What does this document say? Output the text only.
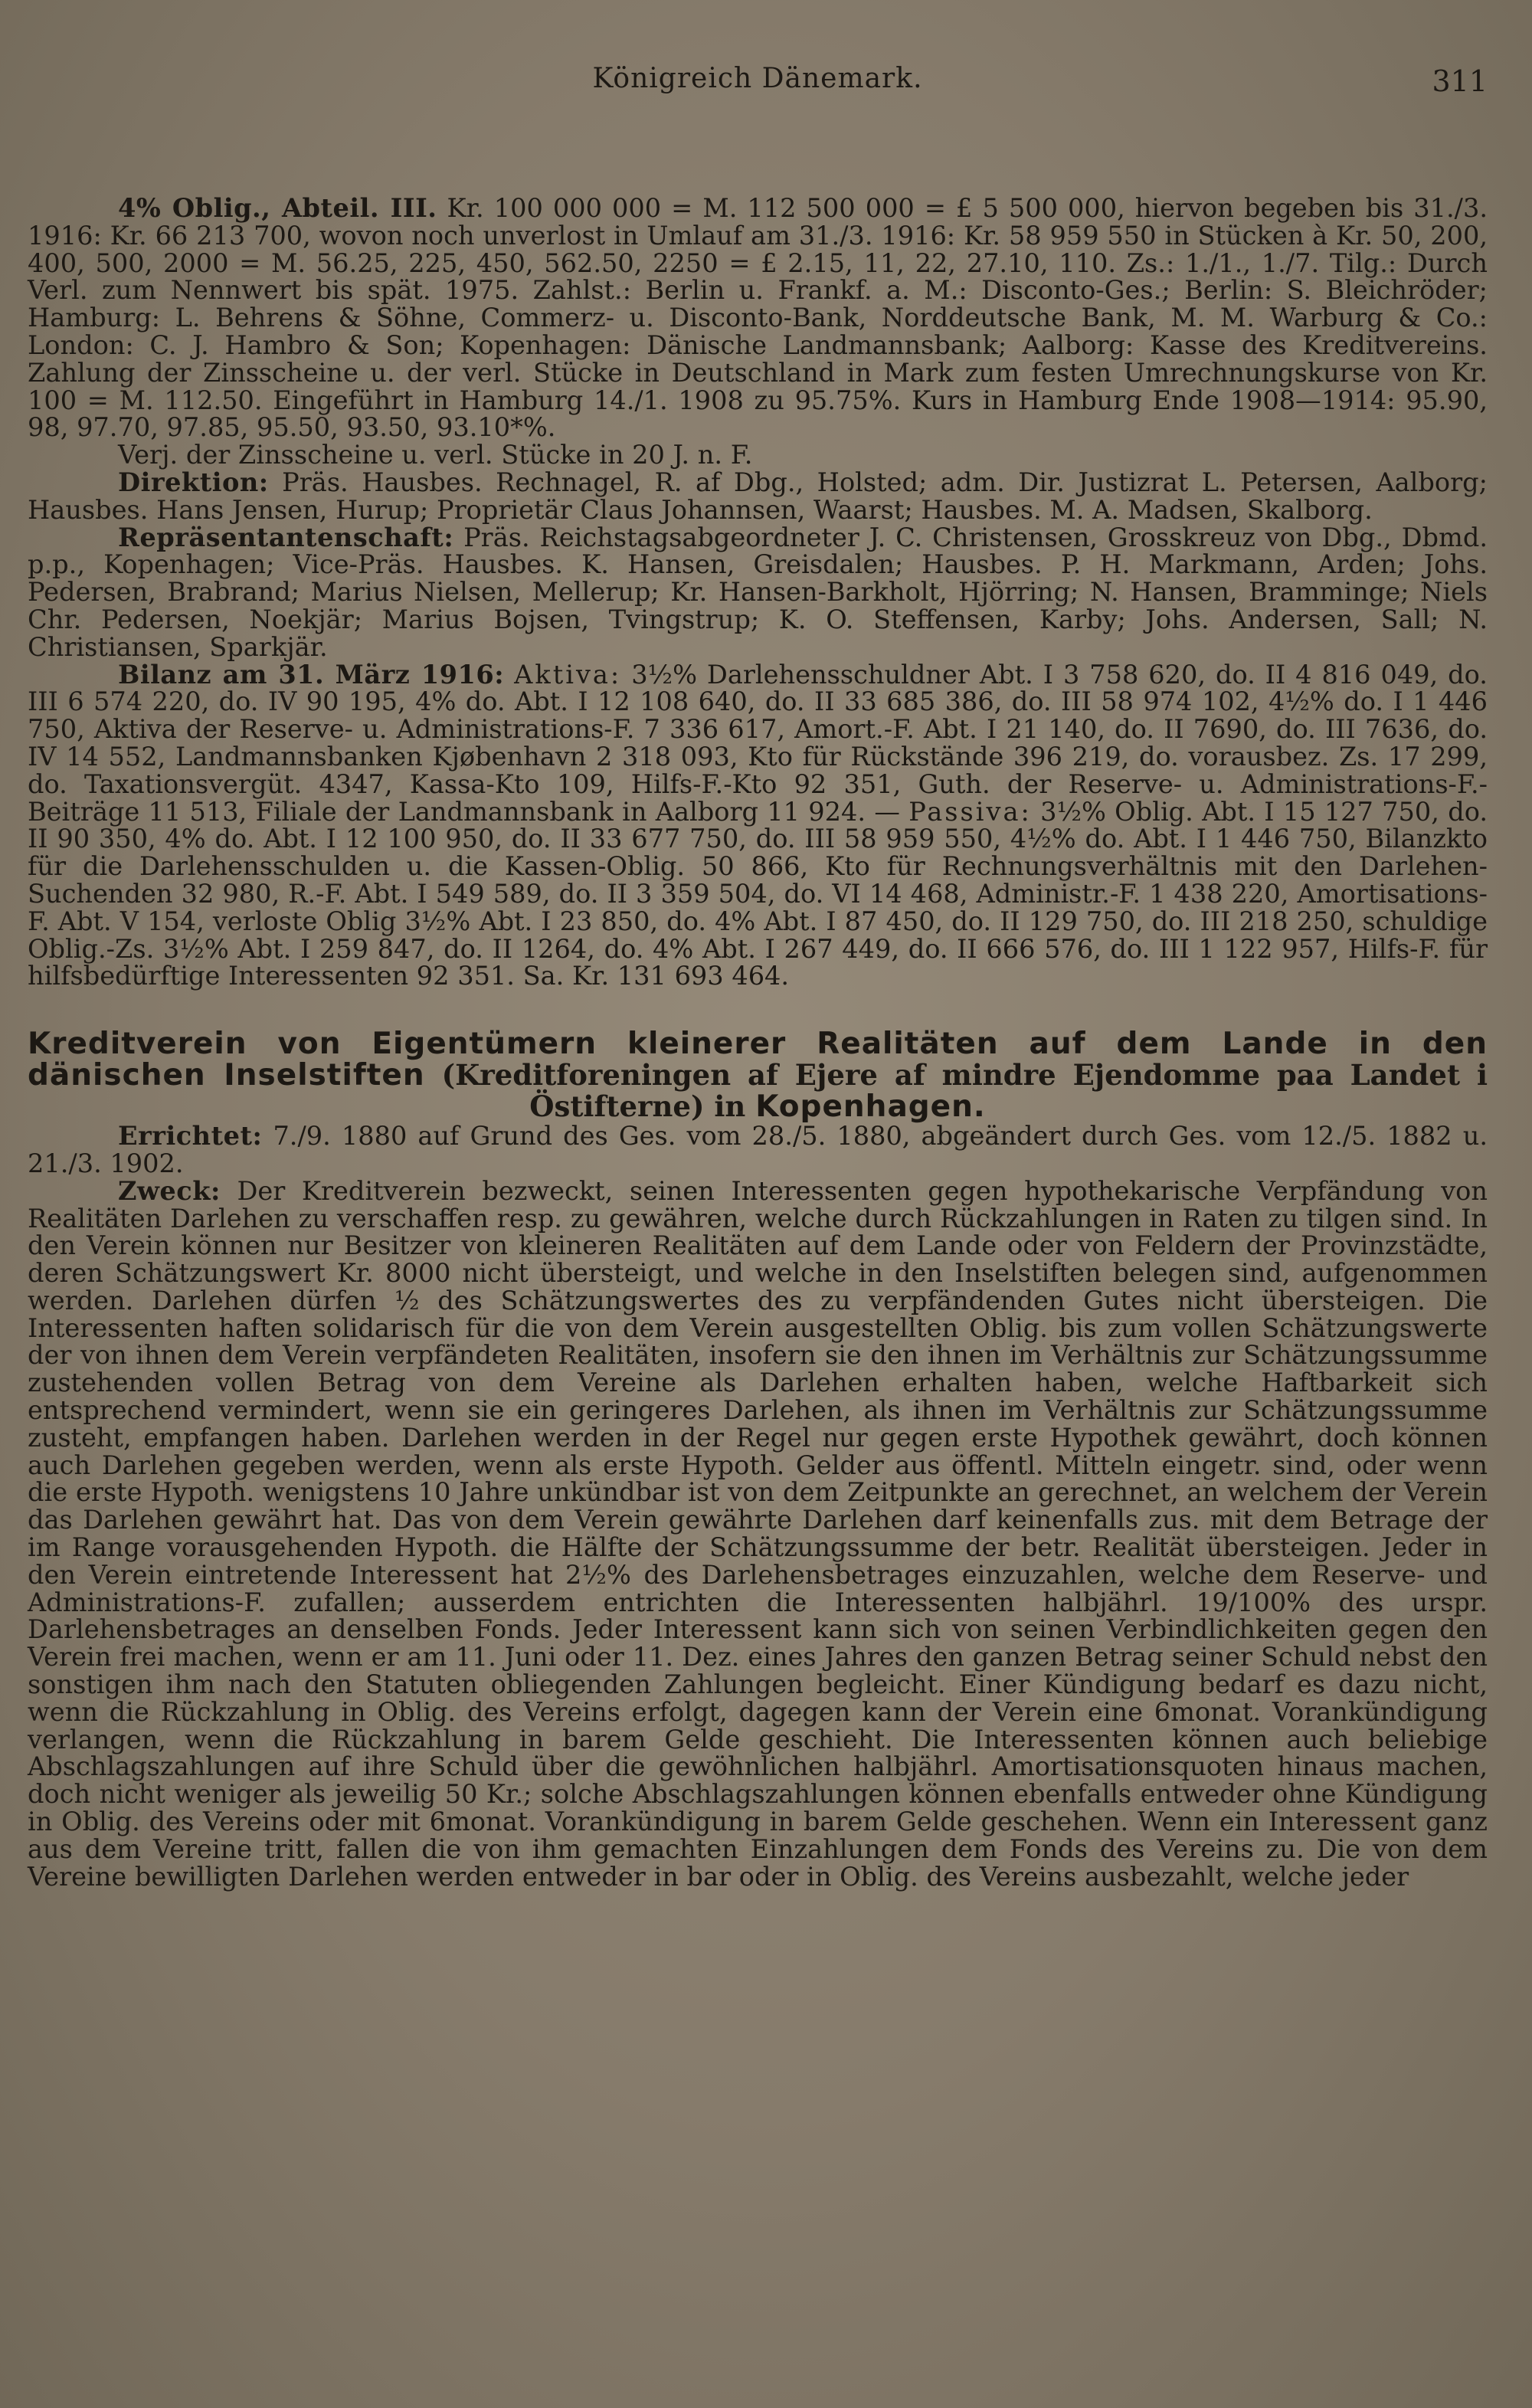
Königreich Dänemark.	311

4% Oblig., Abteil. III. Kr. 100 000 000 = M. 112 500 000 = £ 5 500 000, hiervon begeben bis 31./3. 1916: Kr. 66 213 700, wovon noch unverlost in Umlauf am 31./3. 1916: Kr. 58 959 550 in Stücken à Kr. 50, 200, 400, 500, 2000 = M. 56.25, 225, 450, 562.50, 2250 = £ 2.15, 11, 22, 27.10, 110. Zs.: 1./1., 1./7. Tilg.: Durch Verl. zum Nennwert bis spät. 1975. Zahlst.: Berlin u. Frankf. a. M.: Disconto-Ges.; Berlin: S. Bleichröder; Hamburg: L. Behrens & Söhne, Commerz- u. Disconto-Bank, Norddeutsche Bank, M. M. Warburg & Co.: London: C. J. Hambro & Son; Kopenhagen: Dänische Landmannsbank; Aalborg: Kasse des Kreditvereins. Zahlung der Zinsscheine u. der verl. Stücke in Deutschland in Mark zum festen Umrechnungskurse von Kr. 100 = M. 112.50. Eingeführt in Hamburg 14./1. 1908 zu 95.75%. Kurs in Hamburg Ende 1908—1914: 95.90, 98, 97.70, 97.85, 95.50, 93.50, 93.10*%.

Verj. der Zinsscheine u. verl. Stücke in 20 J. n. F.

Direktion: Präs. Hausbes. Rechnagel, R. af Dbg., Holsted; adm. Dir. Justizrat L. Petersen, Aalborg; Hausbes. Hans Jensen, Hurup; Proprietär Claus Johannsen, Waarst; Hausbes. M. A. Madsen, Skalborg.

Repräsentantenschaft: Präs. Reichstagsabgeordneter J. C. Christensen, Grosskreuz von Dbg., Dbmd. p.p., Kopenhagen; Vice-Präs. Hausbes. K. Hansen, Greisdalen; Hausbes. P. H. Markmann, Arden; Johs. Pedersen, Brabrand; Marius Nielsen, Mellerup; Kr. Hansen-Barkholt, Hjörring; N. Hansen, Bramminge; Niels Chr. Pedersen, Noekjär; Marius Bojsen, Tvingstrup; K. O. Steffensen, Karby; Johs. Andersen, Sall; N. Christiansen, Sparkjär.

Bilanz am 31. März 1916: Aktiva: 3½% Darlehensschuldner Abt. I 3 758 620, do. II 4 816 049, do. III 6 574 220, do. IV 90 195, 4% do. Abt. I 12 108 640, do. II 33 685 386, do. III 58 974 102, 4½% do. I 1 446 750, Aktiva der Reserve- u. Administrations-F. 7 336 617, Amort.-F. Abt. I 21 140, do. II 7690, do. III 7636, do. IV 14 552, Landmannsbanken Kjøbenhavn 2 318 093, Kto für Rückstände 396 219, do. vorausbez. Zs. 17 299, do. Taxationsvergüt. 4347, Kassa-Kto 109, Hilfs-F.-Kto 92 351, Guth. der Reserve- u. Administrations-F.-Beiträge 11 513, Filiale der Landmannsbank in Aalborg 11 924. — Passiva: 3½% Oblig. Abt. I 15 127 750, do. II 90 350, 4% do. Abt. I 12 100 950, do. II 33 677 750, do. III 58 959 550, 4½% do. Abt. I 1 446 750, Bilanzkto für die Darlehensschulden u. die Kassen-Oblig. 50 866, Kto für Rechnungsverhältnis mit den Darlehen-Suchenden 32 980, R.-F. Abt. I 549 589, do. II 3 359 504, do. VI 14 468, Administr.-F. 1 438 220, Amortisations-F. Abt. V 154, verloste Oblig 3½% Abt. I 23 850, do. 4% Abt. I 87 450, do. II 129 750, do. III 218 250, schuldige Oblig.-Zs. 3½% Abt. I 259 847, do. II 1264, do. 4% Abt. I 267 449, do. II 666 576, do. III 1 122 957, Hilfs-F. für hilfsbedürftige Interessenten 92 351. Sa. Kr. 131 693 464.

Kreditverein von Eigentümern kleinerer Realitäten auf dem Lande in den dänischen Inselstiften (Kreditforeningen af Ejere af mindre Ejendomme paa Landet i Östifterne) in Kopenhagen.

Errichtet: 7./9. 1880 auf Grund des Ges. vom 28./5. 1880, abgeändert durch Ges. vom 12./5. 1882 u. 21./3. 1902.

Zweck: Der Kreditverein bezweckt, seinen Interessenten gegen hypothekarische Verpfändung von Realitäten Darlehen zu verschaffen resp. zu gewähren, welche durch Rückzahlungen in Raten zu tilgen sind. In den Verein können nur Besitzer von kleineren Realitäten auf dem Lande oder von Feldern der Provinzstädte, deren Schätzungswert Kr. 8000 nicht übersteigt, und welche in den Inselstiften belegen sind, aufgenommen werden. Darlehen dürfen ½ des Schätzungswertes des zu verpfändenden Gutes nicht übersteigen. Die Interessenten haften solidarisch für die von dem Verein ausgestellten Oblig. bis zum vollen Schätzungswerte der von ihnen dem Verein verpfändeten Realitäten, insofern sie den ihnen im Verhältnis zur Schätzungssumme zustehenden vollen Betrag von dem Vereine als Darlehen erhalten haben, welche Haftbarkeit sich entsprechend vermindert, wenn sie ein geringeres Darlehen, als ihnen im Verhältnis zur Schätzungssumme zusteht, empfangen haben. Darlehen werden in der Regel nur gegen erste Hypothek gewährt, doch können auch Darlehen gegeben werden, wenn als erste Hypoth. Gelder aus öffentl. Mitteln eingetr. sind, oder wenn die erste Hypoth. wenigstens 10 Jahre unkündbar ist von dem Zeitpunkte an gerechnet, an welchem der Verein das Darlehen gewährt hat. Das von dem Verein gewährte Darlehen darf keinenfalls zus. mit dem Betrage der im Range vorausgehenden Hypoth. die Hälfte der Schätzungssumme der betr. Realität übersteigen. Jeder in den Verein eintretende Interessent hat 2½% des Darlehensbetrages einzuzahlen, welche dem Reserve- und Administrations-F. zufallen; ausserdem entrichten die Interessenten halbjährl. 19/100% des urspr. Darlehensbetrages an denselben Fonds. Jeder Interessent kann sich von seinen Verbindlichkeiten gegen den Verein frei machen, wenn er am 11. Juni oder 11. Dez. eines Jahres den ganzen Betrag seiner Schuld nebst den sonstigen ihm nach den Statuten obliegenden Zahlungen begleicht. Einer Kündigung bedarf es dazu nicht, wenn die Rückzahlung in Oblig. des Vereins erfolgt, dagegen kann der Verein eine 6monat. Vorankündigung verlangen, wenn die Rückzahlung in barem Gelde geschieht. Die Interessenten können auch beliebige Abschlagszahlungen auf ihre Schuld über die gewöhnlichen halbjährl. Amortisationsquoten hinaus machen, doch nicht weniger als jeweilig 50 Kr.; solche Abschlagszahlungen können ebenfalls entweder ohne Kündigung in Oblig. des Vereins oder mit 6monat. Vorankündigung in barem Gelde geschehen. Wenn ein Interessent ganz aus dem Vereine tritt, fallen die von ihm gemachten Einzahlungen dem Fonds des Vereins zu. Die von dem Vereine bewilligten Darlehen werden entweder in bar oder in Oblig. des Vereins ausbezahlt, welche jeder
